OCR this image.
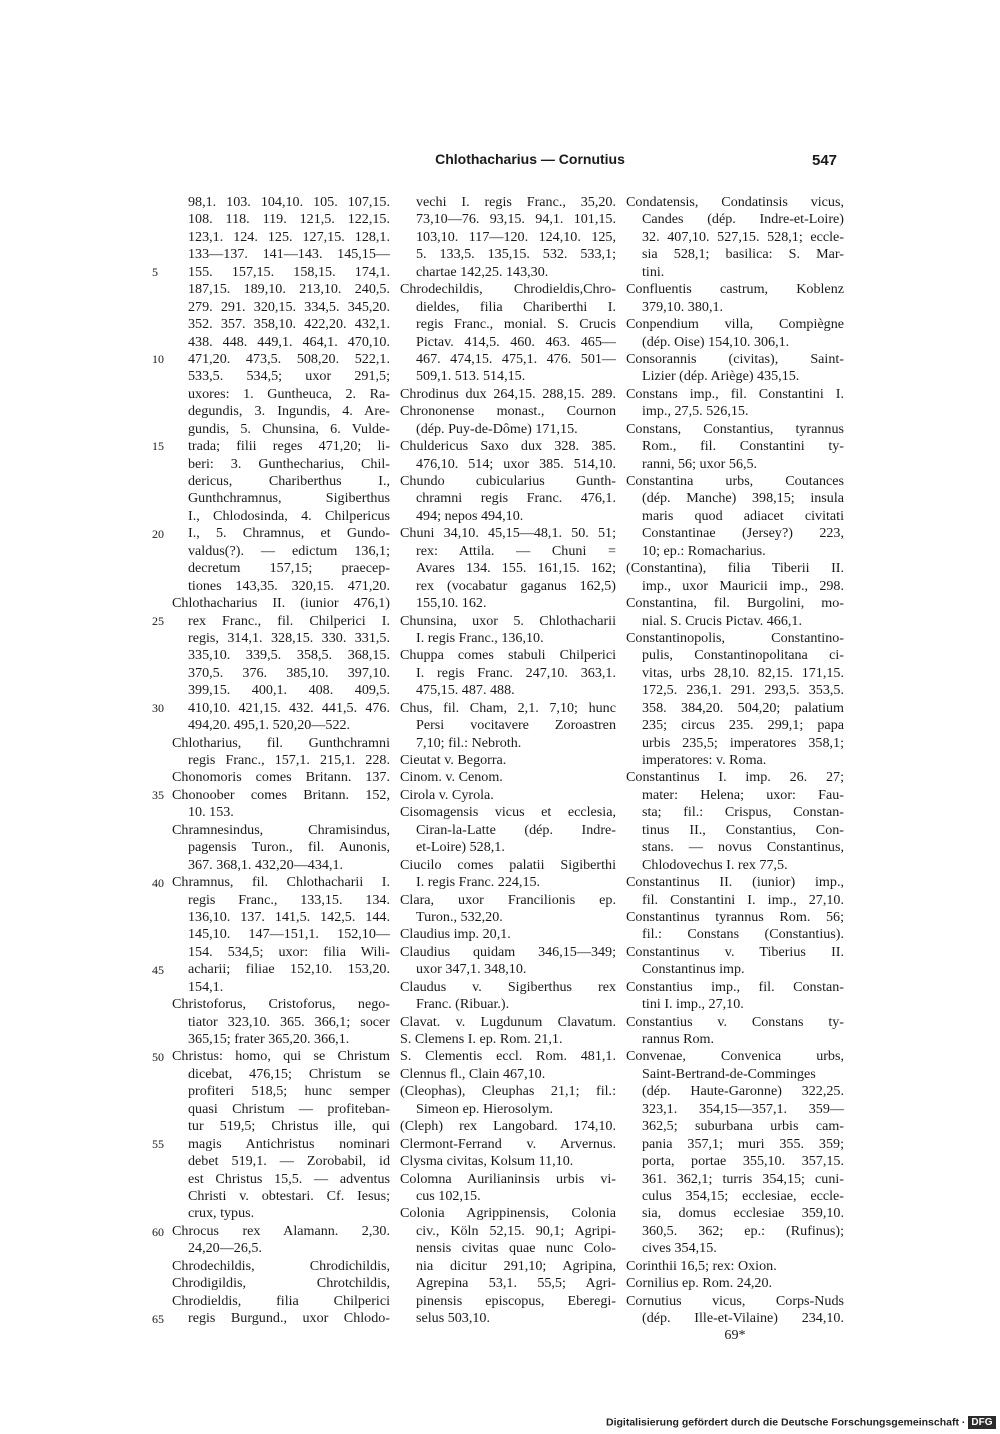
Chlothacharius — Cornutius	547
5
10
15
20
25
30
35
40
45
50
55
60
65
98,1. 103. 104,10. 105. 107,15.
108. 118. 119. 121,5. 122,15.
123,1. 124. 125. 127,15. 128,1.
133—137. 141—143. 145,15—
155. 157,15. 158,15. 174,1.
187,15. 189,10. 213,10. 240,5.
279. 291. 320,15. 334,5. 345,20.
352. 357. 358,10. 422,20. 432,1.
438. 448. 449,1. 464,1. 470,10.
471,20. 473,5. 508,20. 522,1.
533,5. 534,5; uxor 291,5;
uxores: 1. Guntheuca, 2. Ra-
degundis, 3. Ingundis, 4. Are-
gundis, 5. Chunsina, 6. Vulde-
trada; filii reges 471,20; li-
beri: 3. Gunthecharius, Chil-
dericus, Chariberthus I.,
Gunthchramnus, Sigiberthus
I., Chlodosinda, 4. Chilpericus
I., 5. Chramnus, et Gundo-
valdus(?). — edictum 136,1;
decretum 157,15; praecep-
tiones 143,35. 320,15. 471,20.
Chlothacharius II. (iunior 476,1)
rex Franc., fil. Chilperici I.
regis, 314,1. 328,15. 330. 331,5.
335,10. 339,5. 358,5. 368,15.
370,5. 376. 385,10. 397,10.
399,15. 400,1. 408. 409,5.
410,10. 421,15. 432. 441,5. 476.
494,20. 495,1. 520,20—522.
Chlotharius, fil. Gunthchramni
regis Franc., 157,1. 215,1. 228.
Chonomoris comes Britann. 137.
Chonoober comes Britann. 152,
10. 153.
Chramnesindus, Chramisindus,
pagensis Turon., fil. Aunonis,
367. 368,1. 432,20—434,1.
Chramnus, fil. Chlothacharii I.
regis Franc., 133,15. 134.
136,10. 137. 141,5. 142,5. 144.
145,10. 147—151,1. 152,10—
154. 534,5; uxor: filia Wili-
acharii; filiae 152,10. 153,20.
154,1.
Christoforus, Cristoforus, nego-
tiator 323,10. 365. 366,1; socer
365,15; frater 365,20. 366,1.
Christus: homo, qui se Christum
dicebat, 476,15; Christum se
profiteri 518,5; hunc semper
quasi Christum — profiteban-
tur 519,5; Christus ille, qui
magis Antichristus nominari
debet 519,1. — Zorobabil, id
est Christus 15,5. — adventus
Christi v. obtestari. Cf. Iesus;
crux, typus.
Chrocus rex Alamann. 2,30.
24,20—26,5.
Chrodechildis, Chrodichildis,
Chrodigildis, Chrotchildis,
Chrodieldis, filia Chilperici
regis Burgund., uxor Chlodo-
vechi I. regis Franc., 35,20.
73,10—76. 93,15. 94,1. 101,15.
103,10. 117—120. 124,10. 125,
5. 133,5. 135,15. 532. 533,1;
chartae 142,25. 143,30.
Chrodechildis, Chrodieldis,Chro-
dieldes, filia Chariberthi I.
regis Franc., monial. S. Crucis
Pictav. 414,5. 460. 463. 465—
467. 474,15. 475,1. 476. 501—
509,1. 513. 514,15.
Chrodinus dux 264,15. 288,15. 289.
Chrononense monast., Cournon
(dép. Puy-de-Dôme) 171,15.
Chuldericus Saxo dux 328. 385.
476,10. 514; uxor 385. 514,10.
Chundo cubicularius Gunth-
chramni regis Franc. 476,1.
494; nepos 494,10.
Chuni 34,10. 45,15—48,1. 50. 51;
rex: Attila. — Chuni =
Avares 134. 155. 161,15. 162;
rex (vocabatur gaganus 162,5)
155,10. 162.
Chunsina, uxor 5. Chlothacharii
I. regis Franc., 136,10.
Chuppa comes stabuli Chilperici
I. regis Franc. 247,10. 363,1.
475,15. 487. 488.
Chus, fil. Cham, 2,1. 7,10; hunc
Persi vocitavere Zoroastren
7,10; fil.: Nebroth.
Cieutat v. Begorra.
Cinom. v. Cenom.
Cirola v. Cyrola.
Cisomagensis vicus et ecclesia,
Ciran-la-Latte (dép. Indre-
et-Loire) 528,1.
Ciucilo comes palatii Sigiberthi
I. regis Franc. 224,15.
Clara, uxor Francilionis ep.
Turon., 532,20.
Claudius imp. 20,1.
Claudius quidam 346,15—349;
uxor 347,1. 348,10.
Claudus v. Sigiberthus rex
Franc. (Ribuar.).
Clavat. v. Lugdunum Clavatum.
S. Clemens I. ep. Rom. 21,1.
S. Clementis eccl. Rom. 481,1.
Clennus fl., Clain 467,10.
(Cleophas), Cleuphas 21,1; fil.:
Simeon ep. Hierosolym.
(Cleph) rex Langobard. 174,10.
Clermont-Ferrand v. Arvernus.
Clysma civitas, Kolsum 11,10.
Colomna Aurilianinsis urbis vi-
cus 102,15.
Colonia Agrippinensis, Colonia
civ., Köln 52,15. 90,1; Agripi-
nensis civitas quae nunc Colo-
nia dicitur 291,10; Agripina,
Agrepina 53,1. 55,5; Agri-
pinensis episcopus, Eberegi-
selus 503,10.
Condatensis, Condatinsis vicus,
Candes (dép. Indre-et-Loire)
32. 407,10. 527,15. 528,1; eccle-
sia 528,1; basilica: S. Mar-
tini.
Confluentis castrum, Koblenz
379,10. 380,1.
Conpendium villa, Compiègne
(dép. Oise) 154,10. 306,1.
Consorannis (civitas), Saint-
Lizier (dép. Ariège) 435,15.
Constans imp., fil. Constantini I.
imp., 27,5. 526,15.
Constans, Constantius, tyrannus
Rom., fil. Constantini ty-
ranni, 56; uxor 56,5.
Constantina urbs, Coutances
(dép. Manche) 398,15; insula
maris quod adiacet civitati
Constantinae (Jersey?) 223,
10; ep.: Romacharius.
(Constantina), filia Tiberii II.
imp., uxor Mauricii imp., 298.
Constantina, fil. Burgolini, mo-
nial. S. Crucis Pictav. 466,1.
Constantinopolis, Constantino-
pulis, Constantinopolitana ci-
vitas, urbs 28,10. 82,15. 171,15.
172,5. 236,1. 291. 293,5. 353,5.
358. 384,20. 504,20; palatium
235; circus 235. 299,1; papa
urbis 235,5; imperatores 358,1;
imperatores: v. Roma.
Constantinus I. imp. 26. 27;
mater: Helena; uxor: Fau-
sta; fil.: Crispus, Constan-
tinus II., Constantius, Con-
stans. — novus Constantinus,
Chlodovechus I. rex 77,5.
Constantinus II. (iunior) imp.,
fil. Constantini I. imp., 27,10.
Constantinus tyrannus Rom. 56;
fil.: Constans (Constantius).
Constantinus v. Tiberius II.
Constantinus imp.
Constantius imp., fil. Constan-
tini I. imp., 27,10.
Constantius v. Constans ty-
rannus Rom.
Convenae, Convenica urbs,
Saint-Bertrand-de-Comminges
(dép. Haute-Garonne) 322,25.
323,1. 354,15—357,1. 359—
362,5; suburbana urbis cam-
pania 357,1; muri 355. 359;
porta, portae 355,10. 357,15.
361. 362,1; turris 354,15; cuni-
culus 354,15; ecclesiae, eccle-
sia, domus ecclesiae 359,10.
360,5. 362; ep.: (Rufinus);
cives 354,15.
Corinthii 16,5; rex: Oxion.
Cornilius ep. Rom. 24,20.
Cornutius vicus, Corps-Nuds
(dép. Ille-et-Vilaine) 234,10.
69*
Digitalisierung gefördert durch die Deutsche Forschungsgemeinschaft · DFG
